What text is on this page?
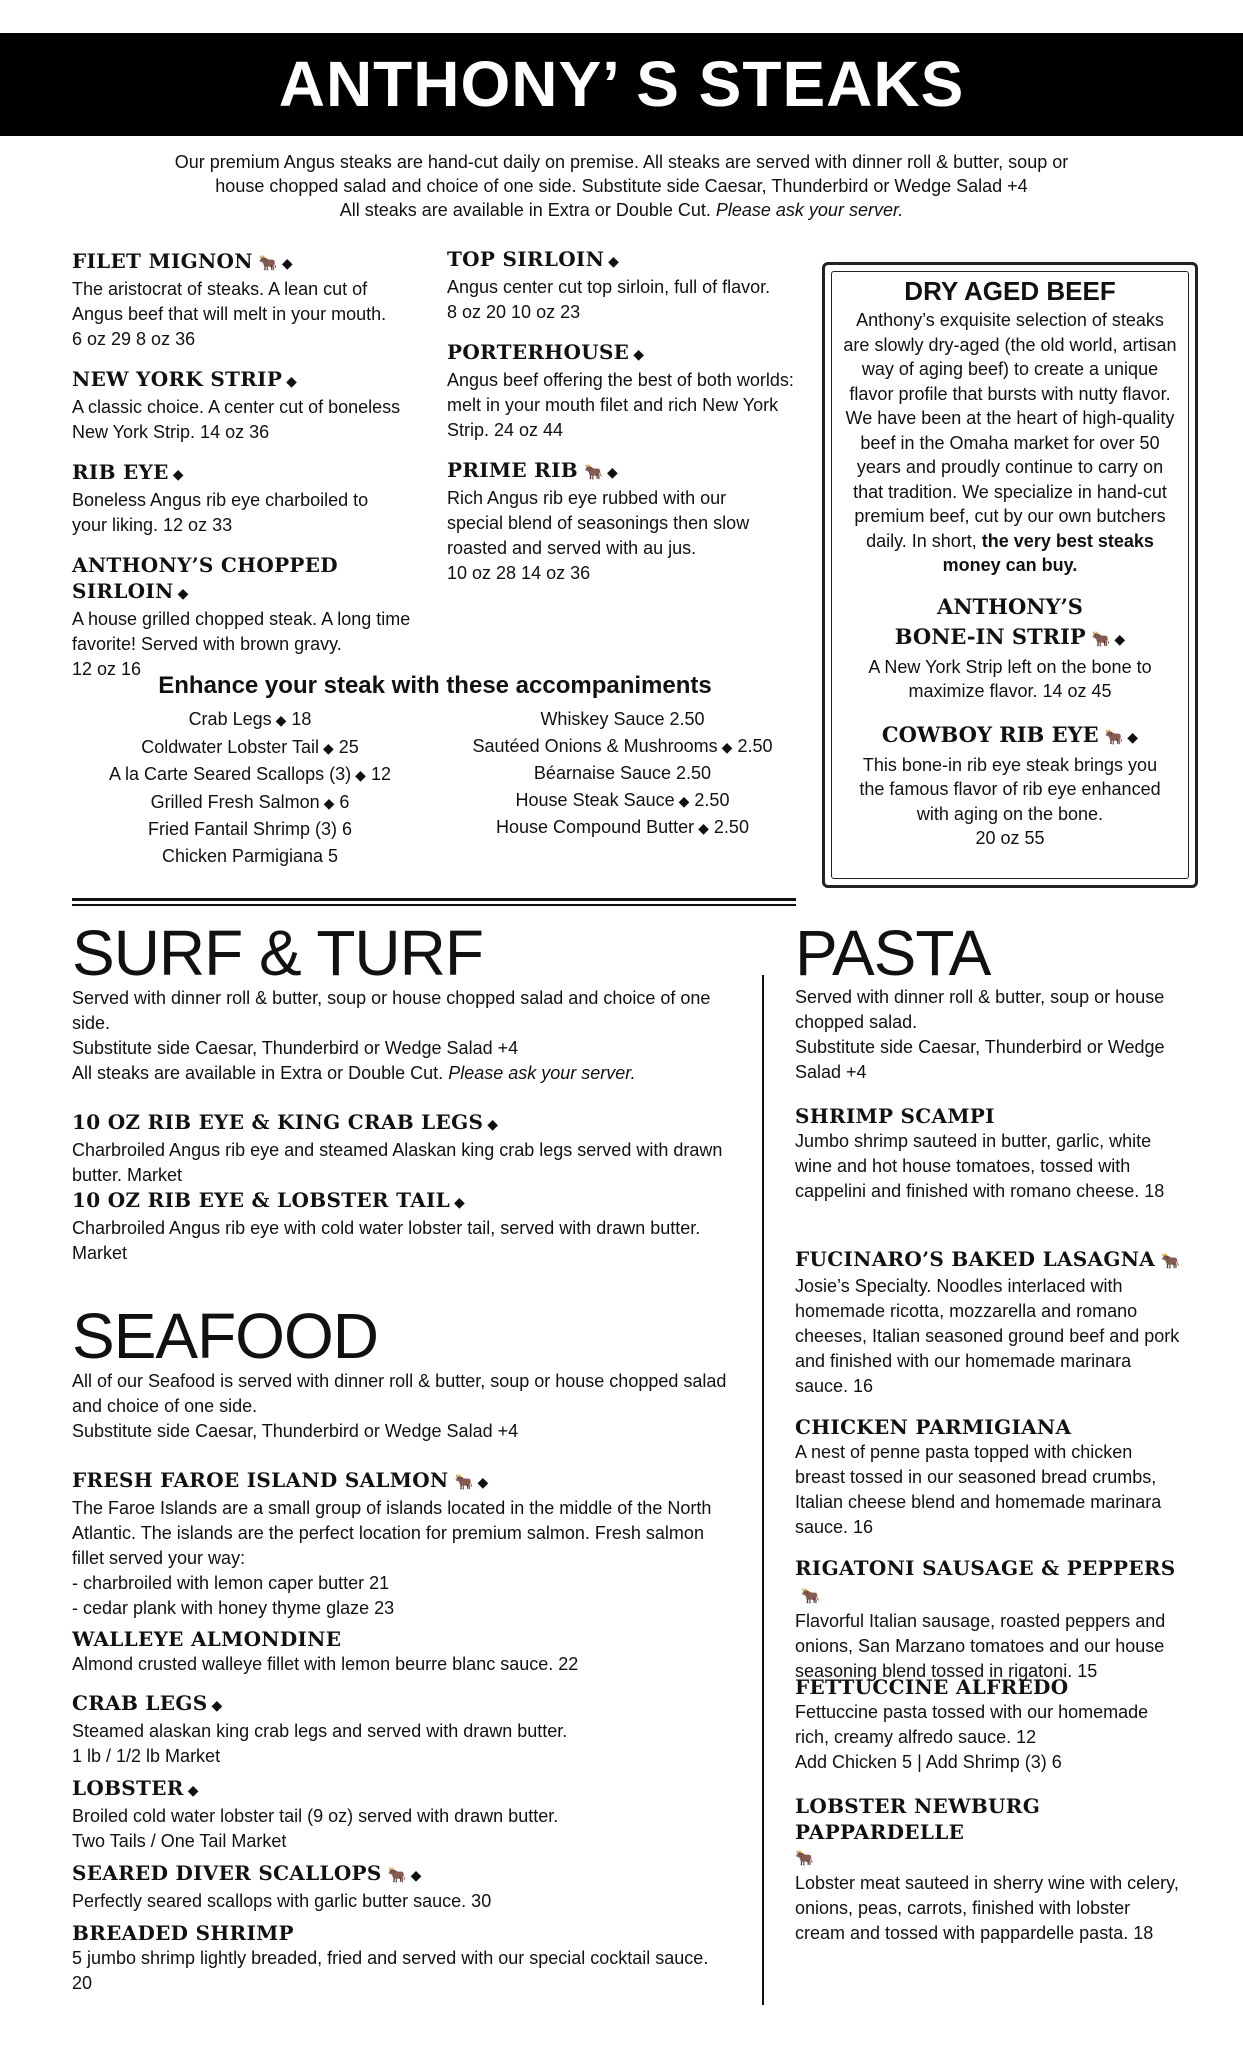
ANTHONY’ S STEAKS
Our premium Angus steaks are hand-cut daily on premise. All steaks are served with dinner roll & butter, soup or
house chopped salad and choice of one side. Substitute side Caesar, Thunderbird or Wedge Salad +4
All steaks are available in Extra or Double Cut. Please ask your server.
FILET MIGNON 🐂 ◆
The aristocrat of steaks. A lean cut of Angus beef that will melt in your mouth.
6 oz 29 8 oz 36
NEW YORK STRIP ◆
A classic choice. A center cut of boneless New York Strip. 14 oz 36
RIB EYE ◆
Boneless Angus rib eye charboiled to your liking. 12 oz 33
ANTHONY’S CHOPPED SIRLOIN ◆
A house grilled chopped steak. A long time favorite! Served with brown gravy.
12 oz 16
TOP SIRLOIN ◆
Angus center cut top sirloin, full of flavor.
8 oz 20 10 oz 23
PORTERHOUSE ◆
Angus beef offering the best of both worlds: melt in your mouth filet and rich New York Strip. 24 oz 44
PRIME RIB 🐂 ◆
Rich Angus rib eye rubbed with our special blend of seasonings then slow roasted and served with au jus.
10 oz 28 14 oz 36
Enhance your steak with these accompaniments
Crab Legs ◆ 18
Coldwater Lobster Tail ◆ 25
A la Carte Seared Scallops (3) ◆ 12
Grilled Fresh Salmon ◆ 6
Fried Fantail Shrimp (3) 6
Chicken Parmigiana 5
Whiskey Sauce 2.50
Sautéed Onions & Mushrooms ◆ 2.50
Béarnaise Sauce 2.50
House Steak Sauce ◆ 2.50
House Compound Butter ◆ 2.50
DRY AGED BEEF
Anthony’s exquisite selection of steaks are slowly dry-aged (the old world, artisan way of aging beef) to create a unique flavor profile that bursts with nutty flavor. We have been at the heart of high-quality beef in the Omaha market for over 50 years and proudly continue to carry on that tradition. We specialize in hand-cut premium beef, cut by our own butchers daily. In short, the very best steaks money can buy.
ANTHONY’S
BONE-IN STRIP 🐂 ◆
A New York Strip left on the bone to maximize flavor. 14 oz 45
COWBOY RIB EYE 🐂 ◆
This bone-in rib eye steak brings you the famous flavor of rib eye enhanced with aging on the bone.
20 oz 55
SURF & TURF
Served with dinner roll & butter, soup or house chopped salad and choice of one side.
Substitute side Caesar, Thunderbird or Wedge Salad +4
All steaks are available in Extra or Double Cut. Please ask your server.
10 OZ RIB EYE & KING CRAB LEGS ◆
Charbroiled Angus rib eye and steamed Alaskan king crab legs served with drawn butter. Market
10 OZ RIB EYE & LOBSTER TAIL ◆
Charbroiled Angus rib eye with cold water lobster tail, served with drawn butter. Market
SEAFOOD
All of our Seafood is served with dinner roll & butter, soup or house chopped salad and choice of one side.
Substitute side Caesar, Thunderbird or Wedge Salad +4
FRESH FAROE ISLAND SALMON 🐂 ◆
The Faroe Islands are a small group of islands located in the middle of the North Atlantic. The islands are the perfect location for premium salmon. Fresh salmon fillet served your way:
- charbroiled with lemon caper butter 21
- cedar plank with honey thyme glaze 23
WALLEYE ALMONDINE
Almond crusted walleye fillet with lemon beurre blanc sauce. 22
CRAB LEGS ◆
Steamed alaskan king crab legs and served with drawn butter.
1 lb / 1/2 lb Market
LOBSTER ◆
Broiled cold water lobster tail (9 oz) served with drawn butter.
Two Tails / One Tail Market
SEARED DIVER SCALLOPS 🐂 ◆
Perfectly seared scallops with garlic butter sauce. 30
BREADED SHRIMP
5 jumbo shrimp lightly breaded, fried and served with our special cocktail sauce. 20
PASTA
Served with dinner roll & butter, soup or house chopped salad.
Substitute side Caesar, Thunderbird or Wedge Salad +4
SHRIMP SCAMPI
Jumbo shrimp sauteed in butter, garlic, white wine and hot house tomatoes, tossed with cappelini and finished with romano cheese. 18
FUCINARO’S BAKED LASAGNA 🐂
Josie’s Specialty. Noodles interlaced with homemade ricotta, mozzarella and romano cheeses, Italian seasoned ground beef and pork and finished with our homemade marinara sauce. 16
CHICKEN PARMIGIANA
A nest of penne pasta topped with chicken breast tossed in our seasoned bread crumbs, Italian cheese blend and homemade marinara sauce. 16
RIGATONI SAUSAGE & PEPPERS🐂
Flavorful Italian sausage, roasted peppers and onions, San Marzano tomatoes and our house seasoning blend tossed in rigatoni. 15
FETTUCCINE ALFREDO
Fettuccine pasta tossed with our homemade rich, creamy alfredo sauce. 12
Add Chicken 5 | Add Shrimp (3) 6
LOBSTER NEWBURG PAPPARDELLE
🐂
Lobster meat sauteed in sherry wine with celery, onions, peas, carrots, finished with lobster cream and tossed with pappardelle pasta. 18
